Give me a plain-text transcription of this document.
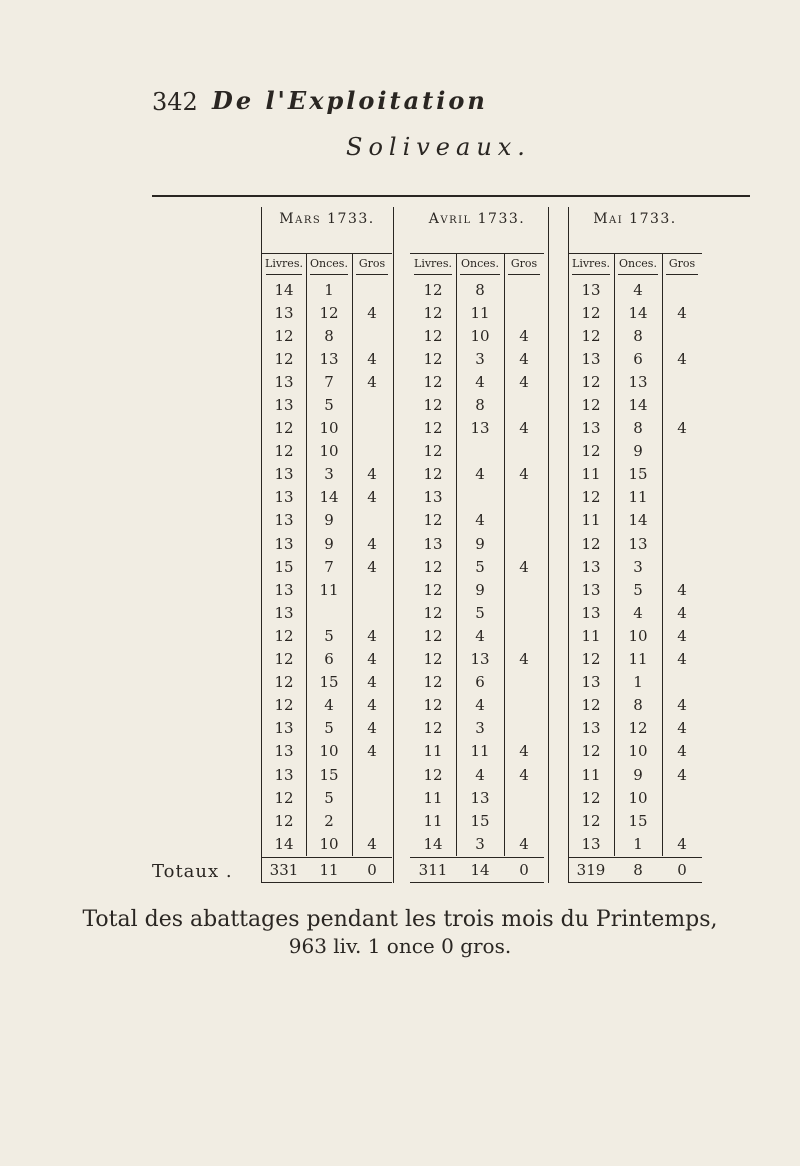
342 De l'Exploitation
Soliveaux.
Mars 1733.
Livres. Onces. Gros
14	1
13	12	4
12	8
12	13	4
13	7	4
13	5
12	10
12	10
13	3	4
13	14	4
13	9
13	9	4
15	7	4
13	11
13
12	5	4
12	6	4
12	15	4
12	4	4
13	5	4
13	10	4
13	15
12	5
12	2
14	10	4
331	11	0
Avril 1733.
Livres. Onces.	Gros
12	8
12	11
12	10	4
12	3	4
12	4	4
12	8
12	13	4
12
12	4	4
13
12	4
13	9
12	5	4
12	9
12	5
12	4
12	13	4
12	6
12	4
12	3
11	11	4
12	4	4
11	13
11	15
14	3	4
311	14	0
Mai 1733.
Livres. Onces.	Gros
13	4
12	14	4
12	8
13	6	4
12	13
12	14
13	8	4
12	9
11	15
12	11
11	14
12	13
13	3
13	5	4
13	4	4
11	10	4
12	11	4
13	1
12	8	4
13	12	4
12	10	4
11	9	4
12	10
12	15
13	1	4
319	8	0
Totaux .
Total des abattages pendant les trois mois du Printemps,
963 liv. 1 once 0 gros.
